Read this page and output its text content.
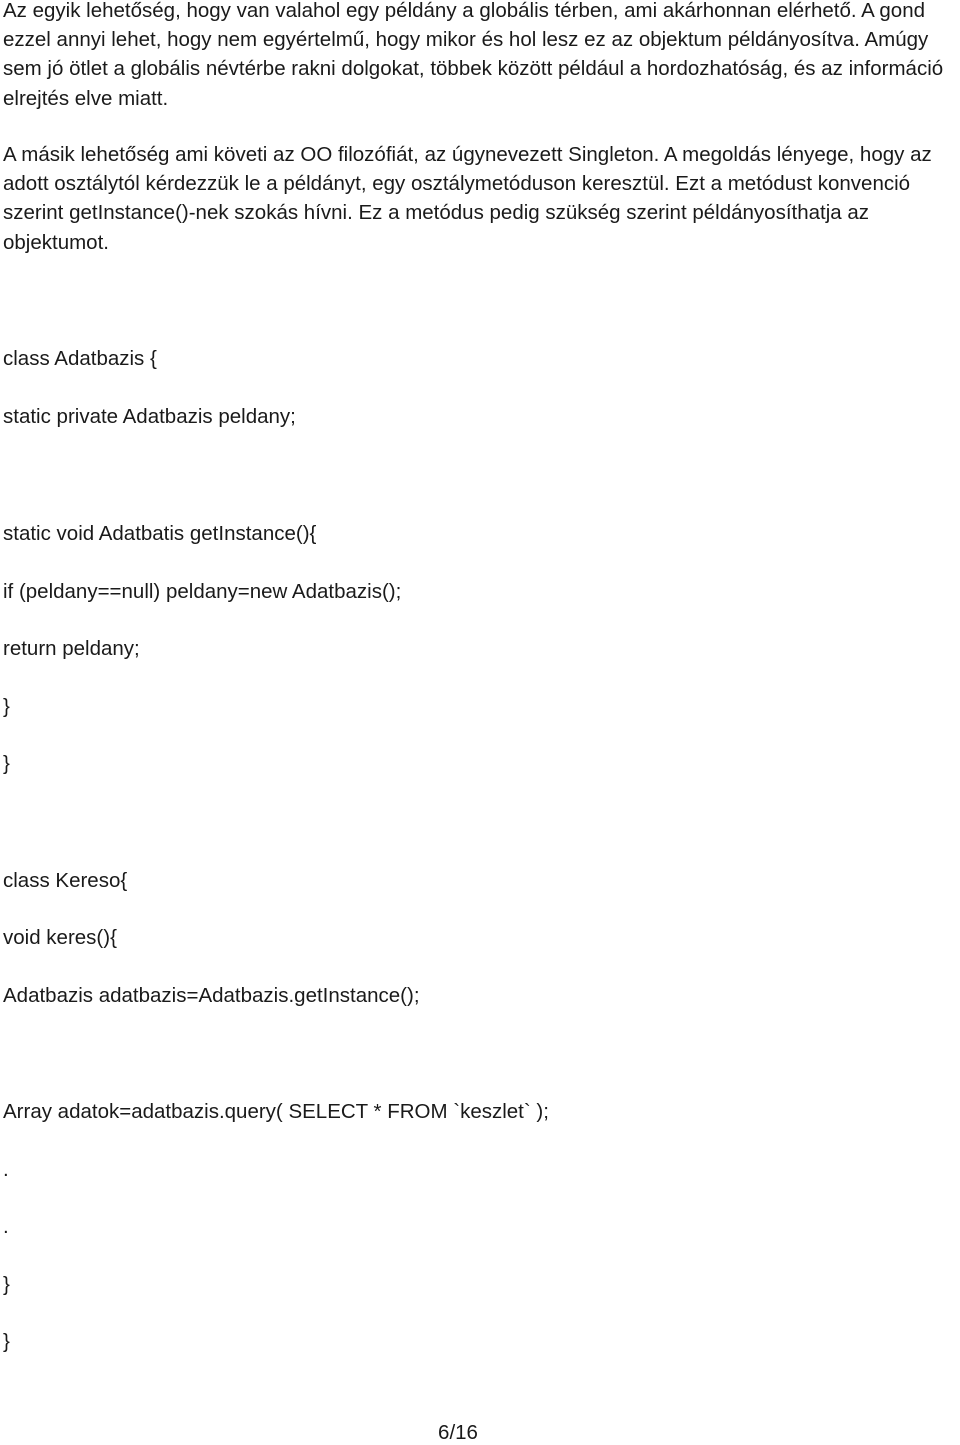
Az egyik lehetőség, hogy van valahol egy példány a globális térben, ami akárhonnan elérhető. A gond ezzel annyi lehet, hogy nem egyértelmű, hogy mikor és hol lesz ez az objektum példányosítva. Amúgy sem jó ötlet a globális névtérbe rakni dolgokat, többek között például a hordozhatóság, és az információ elrejtés elve miatt.

A másik lehetőség ami követi az OO filozófiát, az úgynevezett Singleton. A megoldás lényege, hogy az adott osztálytól kérdezzük le a példányt, egy osztálymetóduson keresztül. Ezt a metódust konvenció szerint getInstance()-nek szokás hívni. Ez a metódus pedig szükség szerint példányosíthatja az objektumot.

class Adatbazis {
static private Adatbazis peldany;
static void Adatbatis getInstance(){
if (peldany==null) peldany=new Adatbazis();
return peldany;
}
}
class Kereso{
void keres(){
Adatbazis adatbazis=Adatbazis.getInstance();
Array adatok=adatbazis.query( SELECT * FROM `keszlet` );
.
.
}
}
6/16
